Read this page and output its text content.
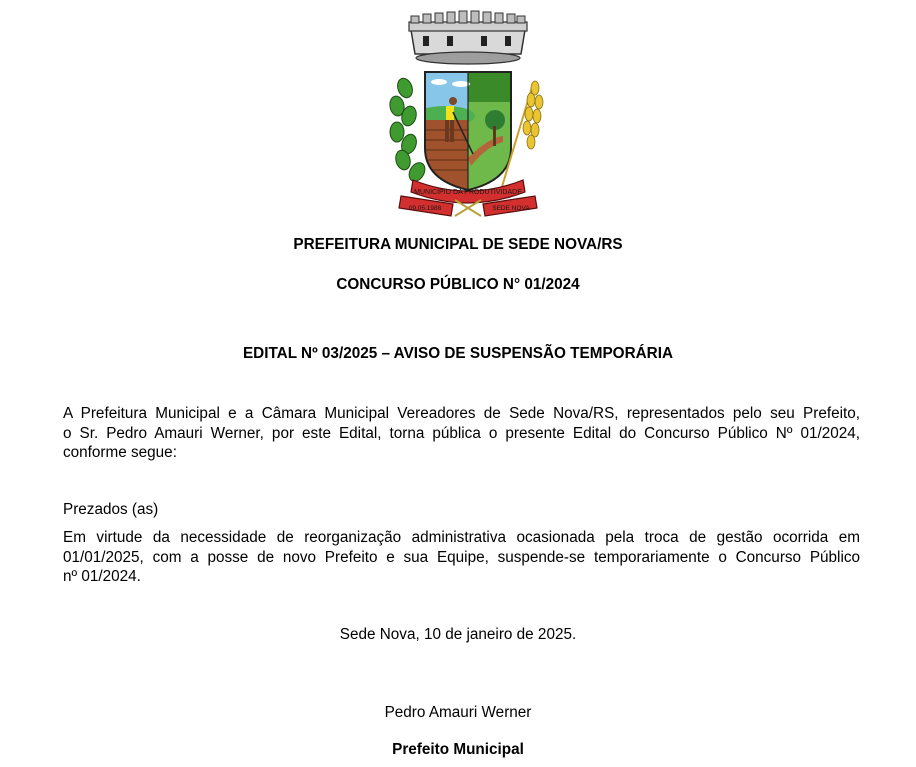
MUNICÍPIO DA PRODUTIVIDADE
09.05.1988	SEDE NOVA
PREFEITURA MUNICIPAL DE SEDE NOVA/RS
CONCURSO PÚBLICO N° 01/2024
EDITAL Nº 03/2025 – AVISO DE SUSPENSÃO TEMPORÁRIA
A Prefeitura Municipal e a Câmara Municipal Vereadores de Sede Nova/RS, representados pelo seu Prefeito,
o Sr. Pedro Amauri Werner, por este Edital, torna pública o presente Edital do Concurso Público Nº 01/2024,
conforme segue:
Prezados (as)
Em virtude da necessidade de reorganização administrativa ocasionada pela troca de gestão ocorrida em
01/01/2025, com a posse de novo Prefeito e sua Equipe, suspende-se temporariamente o Concurso Público
nº 01/2024.
Sede Nova, 10 de janeiro de 2025.
Pedro Amauri Werner
Prefeito Municipal
